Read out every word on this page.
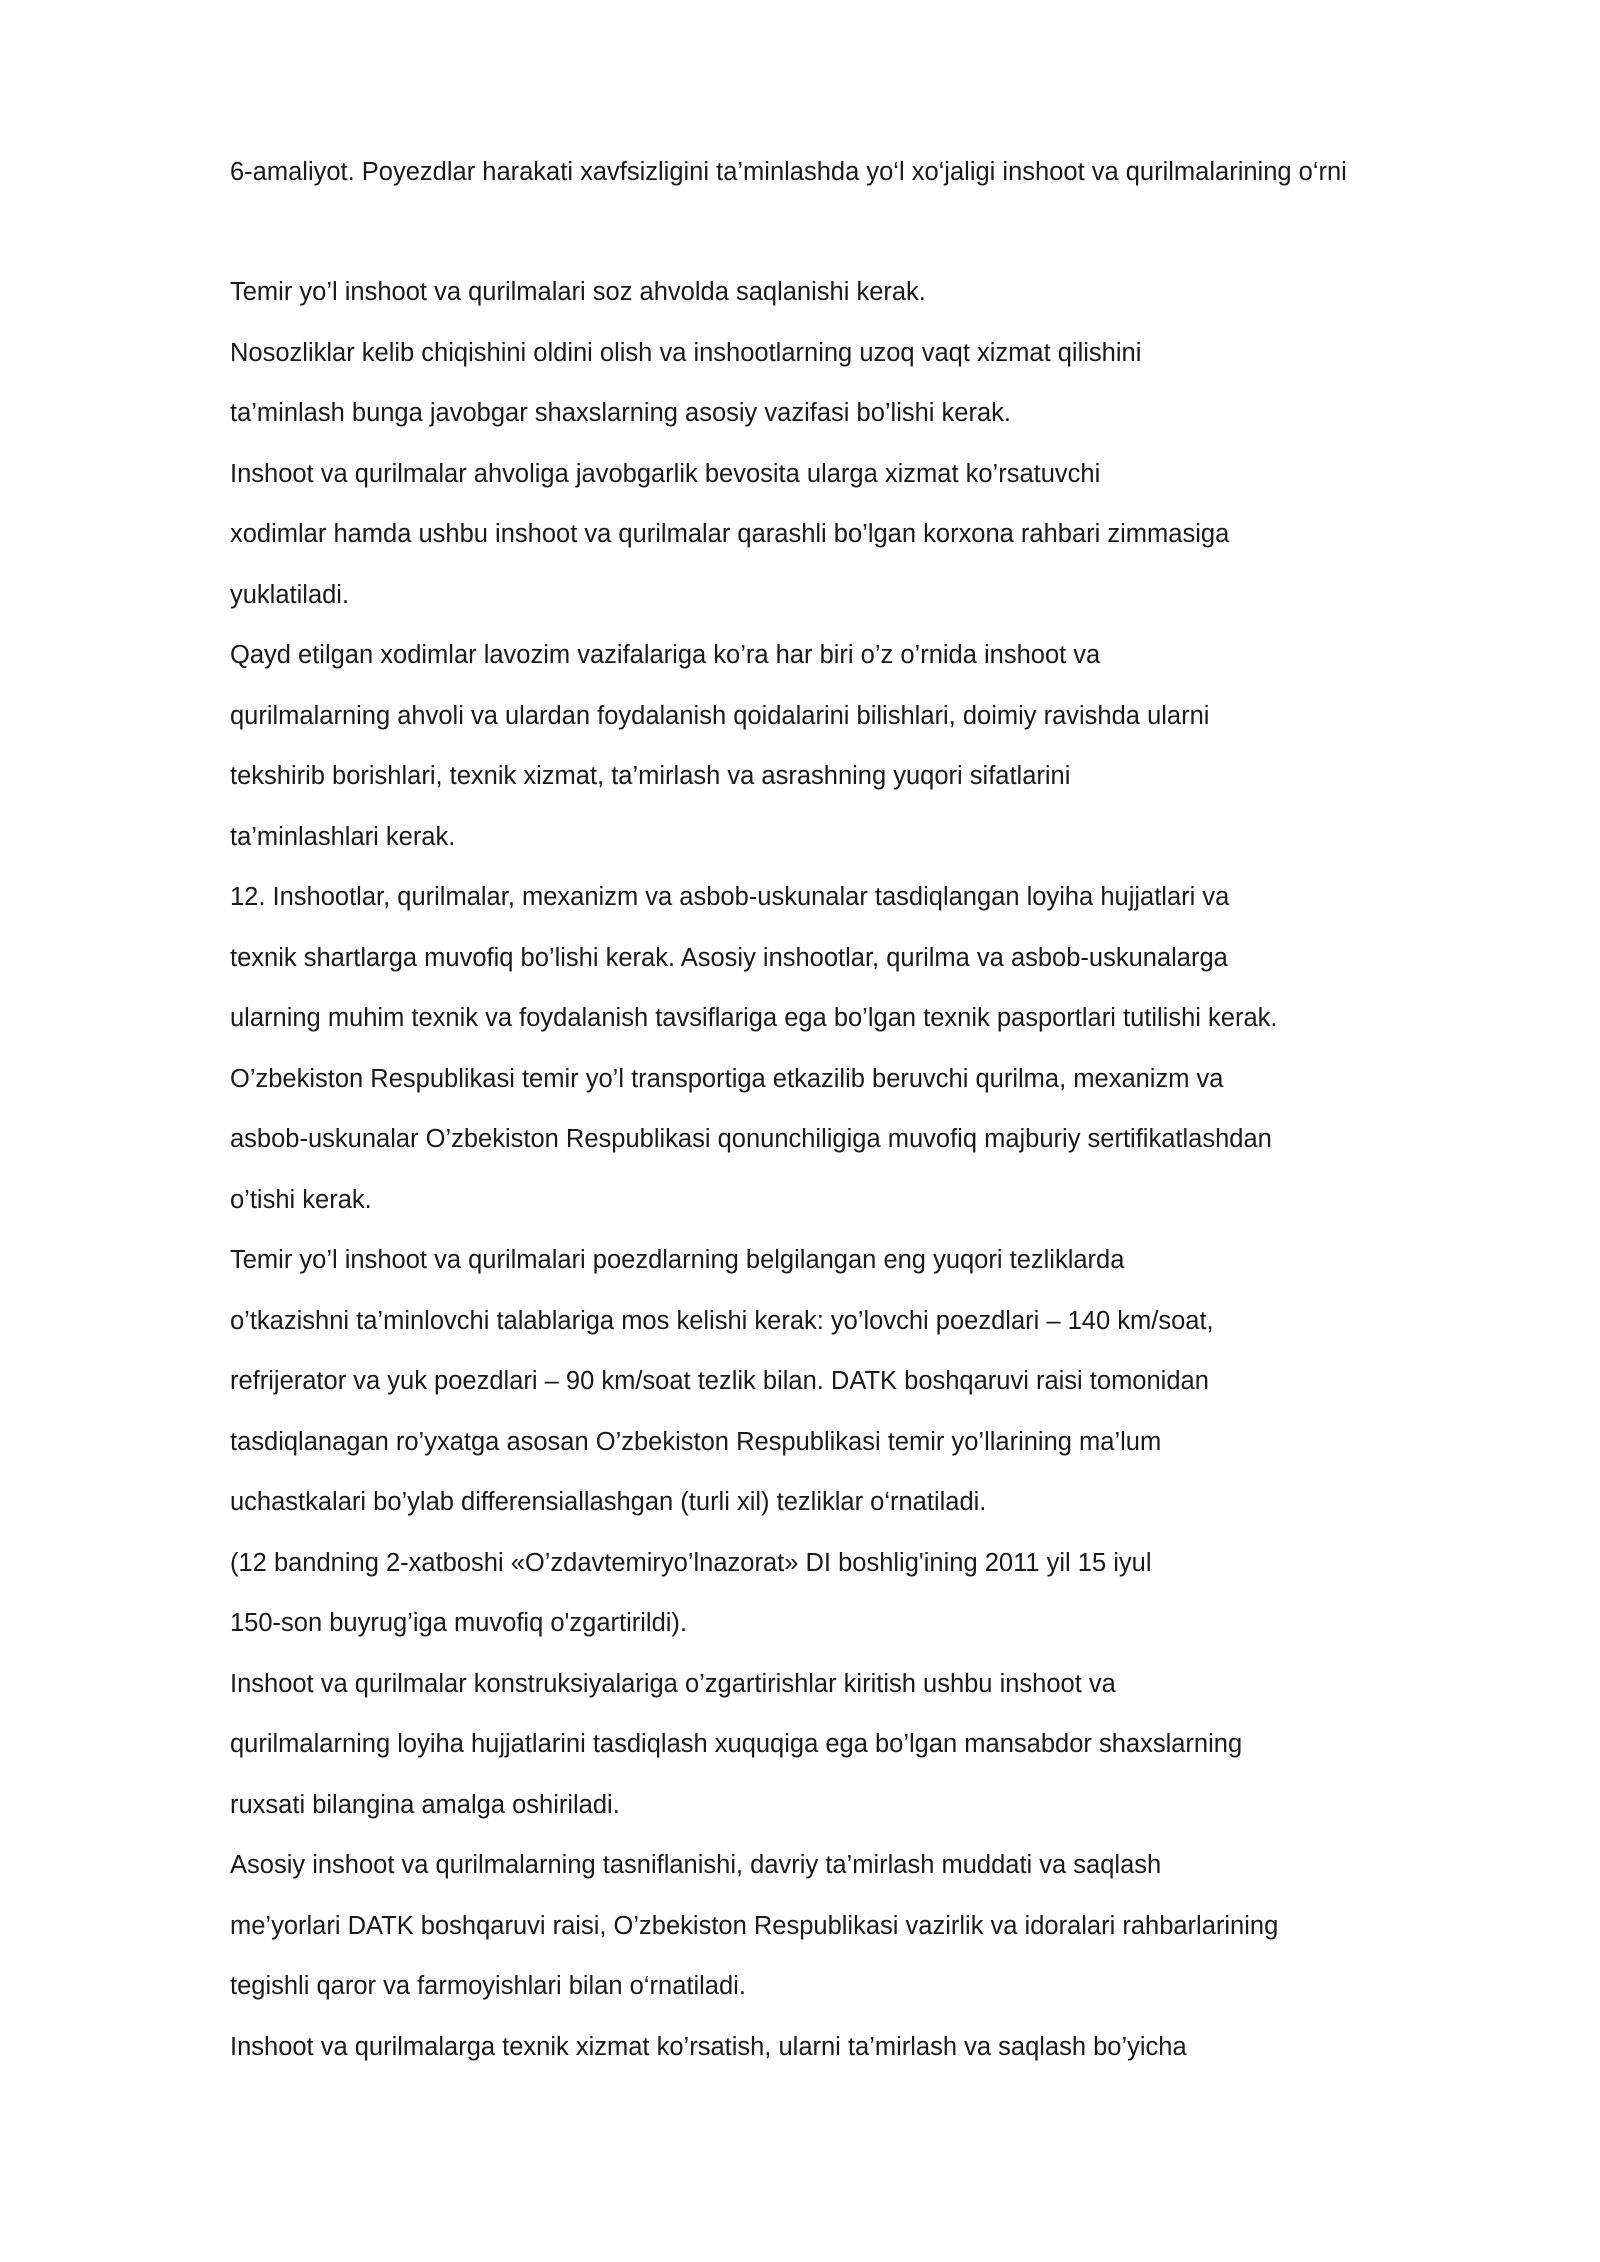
6-amaliyot. Poyezdlar harakati xavfsizligini ta’minlashda yo‘l xo‘jaligi inshoot va qurilmalarining o‘rni
Temir yo’l inshoot va qurilmalari soz ahvolda saqlanishi kerak.
Nosozliklar kelib chiqishini oldini olish va inshootlarning uzoq vaqt xizmat qilishini
ta’minlash bunga javobgar shaxslarning asosiy vazifasi bo’lishi kerak.
Inshoot va qurilmalar ahvoliga javobgarlik bevosita ularga xizmat ko’rsatuvchi
xodimlar hamda ushbu inshoot va qurilmalar qarashli bo’lgan korxona rahbari zimmasiga
yuklatiladi.
Qayd etilgan xodimlar lavozim vazifalariga ko’ra har biri o’z o’rnida inshoot va
qurilmalarning ahvoli va ulardan foydalanish qoidalarini bilishlari, doimiy ravishda ularni
tekshirib borishlari, texnik xizmat, ta’mirlash va asrashning yuqori sifatlarini
ta’minlashlari kerak.
12. Inshootlar, qurilmalar, mexanizm va asbob-uskunalar tasdiqlangan loyiha hujjatlari va
texnik shartlarga muvofiq bo’lishi kerak. Asosiy inshootlar, qurilma va asbob-uskunalarga
ularning muhim texnik va foydalanish tavsiflariga ega bo’lgan texnik pasportlari tutilishi kerak.
O’zbekiston Respublikasi temir yo’l transportiga etkazilib beruvchi qurilma, mexanizm va
asbob-uskunalar O’zbekiston Respublikasi qonunchiligiga muvofiq majburiy sertifikatlashdan
o’tishi kerak.
Temir yo’l inshoot va qurilmalari poezdlarning belgilangan eng yuqori tezliklarda
o’tkazishni ta’minlovchi talablariga mos kelishi kerak: yo’lovchi poezdlari – 140 km/soat,
refrijerator va yuk poezdlari – 90 km/soat tezlik bilan. DATK boshqaruvi raisi tomonidan
tasdiqlanagan ro’yxatga asosan O’zbekiston Respublikasi temir yo’llarining ma’lum
uchastkalari bo’ylab differensiallashgan (turli xil) tezliklar o‘rnatiladi.
(12 bandning 2-xatboshi «O’zdavtemiryo’lnazorat» DI boshlig'ining 2011 yil 15 iyul
150-son buyrug’iga muvofiq o'zgartirildi).
Inshoot va qurilmalar konstruksiyalariga o’zgartirishlar kiritish ushbu inshoot va
qurilmalarning loyiha hujjatlarini tasdiqlash xuquqiga ega bo’lgan mansabdor shaxslarning
ruxsati bilangina amalga oshiriladi.
Asosiy inshoot va qurilmalarning tasniflanishi, davriy ta’mirlash muddati va saqlash
me’yorlari DATK boshqaruvi raisi, O’zbekiston Respublikasi vazirlik va idoralari rahbarlarining
tegishli qaror va farmoyishlari bilan o‘rnatiladi.
Inshoot va qurilmalarga texnik xizmat ko’rsatish, ularni ta’mirlash va saqlash bo’yicha
